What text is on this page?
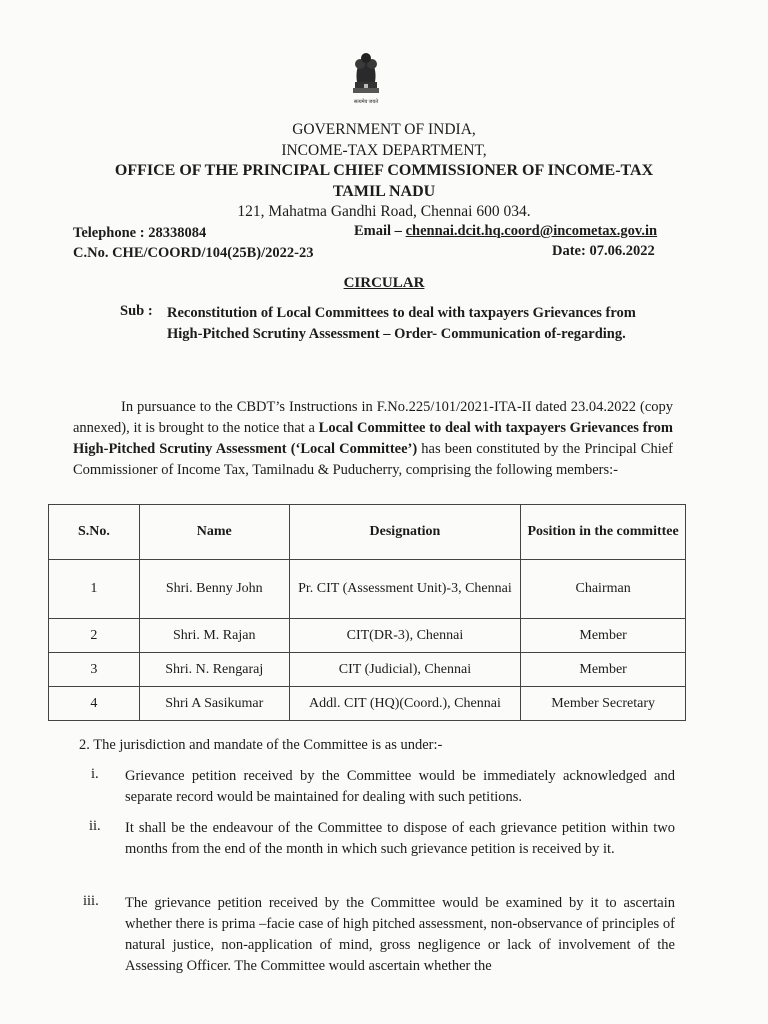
सत्यमेव जयते
GOVERNMENT OF INDIA,
INCOME-TAX DEPARTMENT,
OFFICE OF THE PRINCIPAL CHIEF COMMISSIONER OF INCOME-TAX
TAMIL NADU
121, Mahatma Gandhi Road, Chennai 600 034.
Telephone : 28338084	Email – chennai.dcit.hq.coord@incometax.gov.in
C.No. CHE/COORD/104(25B)/2022-23	Date: 07.06.2022
CIRCULAR
Sub : Reconstitution of Local Committees to deal with taxpayers Grievances from High-Pitched Scrutiny Assessment – Order- Communication of-regarding.
In pursuance to the CBDT’s Instructions in F.No.225/101/2021-ITA-II dated 23.04.2022 (copy annexed), it is brought to the notice that a Local Committee to deal with taxpayers Grievances from High-Pitched Scrutiny Assessment (‘Local Committee’) has been constituted by the Principal Chief Commissioner of Income Tax, Tamilnadu & Puducherry, comprising the following members:-
S.No.	Name	Designation	Position in the committee
1	Shri. Benny John	Pr. CIT (Assessment Unit)-3, Chennai	Chairman
2	Shri. M. Rajan	CIT(DR-3), Chennai	Member
3	Shri. N. Rengaraj	CIT (Judicial), Chennai	Member
4	Shri A Sasikumar	Addl. CIT (HQ)(Coord.), Chennai	Member Secretary
2. The jurisdiction and mandate of the Committee is as under:-
i.	Grievance petition received by the Committee would be immediately acknowledged and separate record would be maintained for dealing with such petitions.
ii.	It shall be the endeavour of the Committee to dispose of each grievance petition within two months from the end of the month in which such grievance petition is received by it.
iii.	The grievance petition received by the Committee would be examined by it to ascertain whether there is prima –facie case of high pitched assessment, non-observance of principles of natural justice, non-application of mind, gross negligence or lack of involvement of the Assessing Officer. The Committee would ascertain whether the
